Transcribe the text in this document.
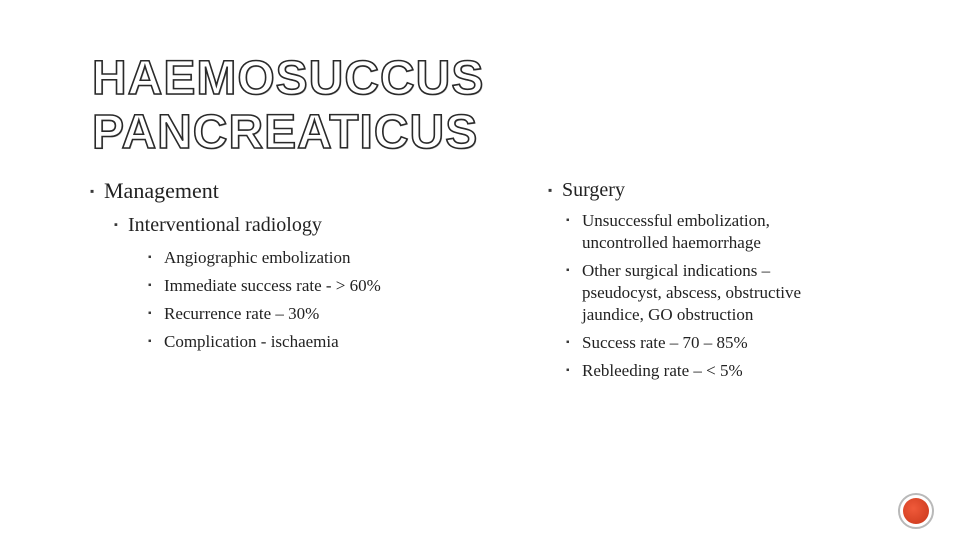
HAEMOSUCCUS
PANCREATICUS
▪ Management
▪ Interventional radiology
▪ Angiographic embolization
▪ Immediate success rate - > 60%
▪ Recurrence rate – 30%
▪ Complication - ischaemia
▪ Surgery
▪ Unsuccessful embolization, uncontrolled haemorrhage
▪ Other surgical indications – pseudocyst, abscess, obstructive jaundice, GO obstruction
▪ Success rate – 70 – 85%
▪ Rebleeding rate – < 5%
